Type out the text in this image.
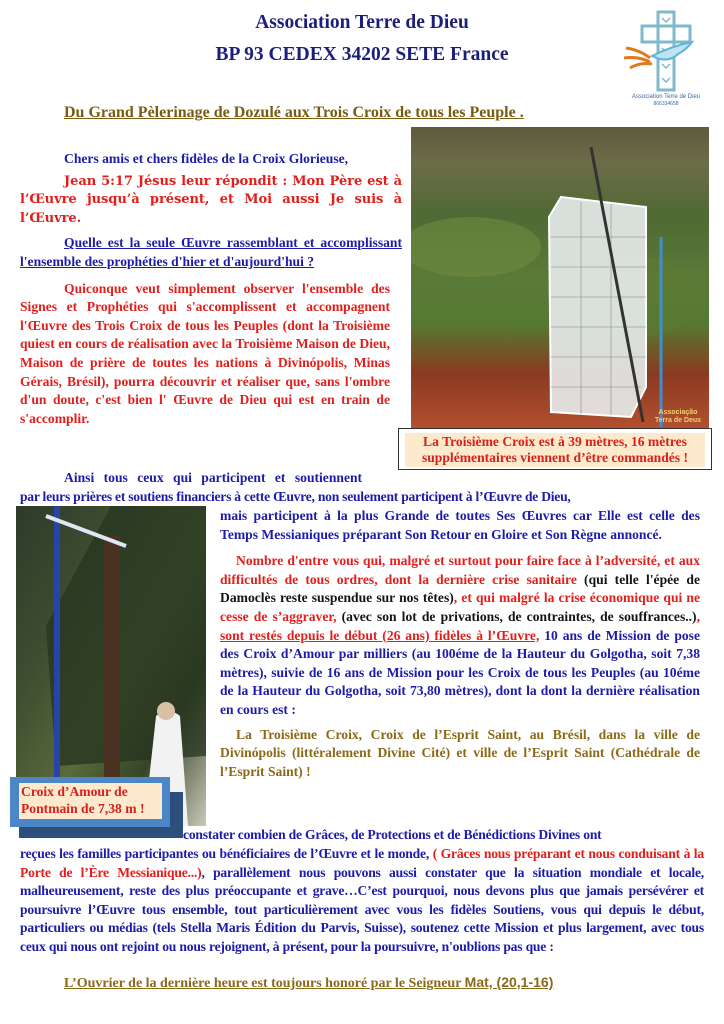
Association Terre de Dieu
BP 93 CEDEX 34202 SETE France
Association Terre de Dieu
866334658
Du Grand Pèlerinage de Dozulé aux Trois Croix de tous les Peuple .

Chers amis et chers fidèles de la Croix Glorieuse,

Jean 5:17 Jésus leur répondit : Mon Père est à l’Œuvre jusqu’à présent, et Moi aussi Je suis à l’Œuvre.

Quelle est la seule Œuvre rassemblant et accomplissant l'ensemble des prophéties d'hier et d'aujourd'hui ?

Quiconque veut simplement observer l'ensemble des Signes et Prophéties qui s'accomplissent et accompagnent l'Œuvre des Trois Croix de tous les Peuples (dont la Troisième quiest en cours de réalisation avec la Troisième Maison de Dieu, Maison de prière de toutes les nations à Divinópolis, Minas Gérais, Brésil), pourra découvrir et réaliser que, sans l'ombre d'un doute, c'est bien l' Œuvre de Dieu qui est en train de s'accomplir.	Associação Terra de Deus
La Troisième Croix est à 39 mètres, 16 mètres supplémentaires viennent d’être commandés !
Ainsi tous ceux qui participent et soutiennent
par leurs prières et soutiens financiers à cette Œuvre, non seulement participent à l’Œuvre de Dieu,
Croix d’Amour de
Pontmain de 7,38 m !

mais participent à la plus Grande de toutes Ses Œuvres car Elle est celle des Temps Messianiques préparant Son Retour en Gloire et Son Règne annoncé.

Nombre d'entre vous qui, malgré et surtout pour faire face à l’adversité, et aux difficultés de tous ordres, dont la dernière crise sanitaire (qui telle l'épée de Damoclès reste suspendue sur nos têtes), et qui malgré la crise économique qui ne cesse de s’aggraver, (avec son lot de privations, de contraintes, de souffrances..), sont restés depuis le début (26 ans) fidèles à l’Œuvre, 10 ans de Mission de pose des Croix d’Amour par milliers (au 100éme de la Hauteur du Golgotha, soit 7,38 mètres), suivie de 16 ans de Mission pour les Croix de tous les Peuples (au 10éme de la Hauteur du Golgotha, soit 73,80 mètres), dont la dont la dernière réalisation en cours est :

La Troisième Croix, Croix de l’Esprit Saint, au Brésil, dans la ville de Divinópolis (littéralement Divine Cité) et ville de l’Esprit Saint (Cathédrale de l’Esprit Saint) !

constater combien de Grâces, de Protections et de Bénédictions Divines ont
reçues les familles participantes ou bénéficiaires de l’Œuvre et le monde, ( Grâces nous préparant et nous conduisant à la Porte de l’Ère Messianique...), parallèlement nous pouvons aussi constater que la situation mondiale et locale, malheureusement, reste des plus préoccupante et grave…C’est pourquoi, nous devons plus que jamais persévérer et poursuivre l’Œuvre tous ensemble, tout particulièrement avec vous les fidèles Soutiens, vous qui depuis le début, particuliers ou médias (tels Stella Maris Édition du Parvis, Suisse), soutenez cette Mission et plus largement, avec tous ceux qui nous ont rejoint ou nous rejoignent, à présent, pour la poursuivre, n'oublions pas que :
L’Ouvrier de la dernière heure est toujours honoré par le Seigneur Mat, (20,1-16)
